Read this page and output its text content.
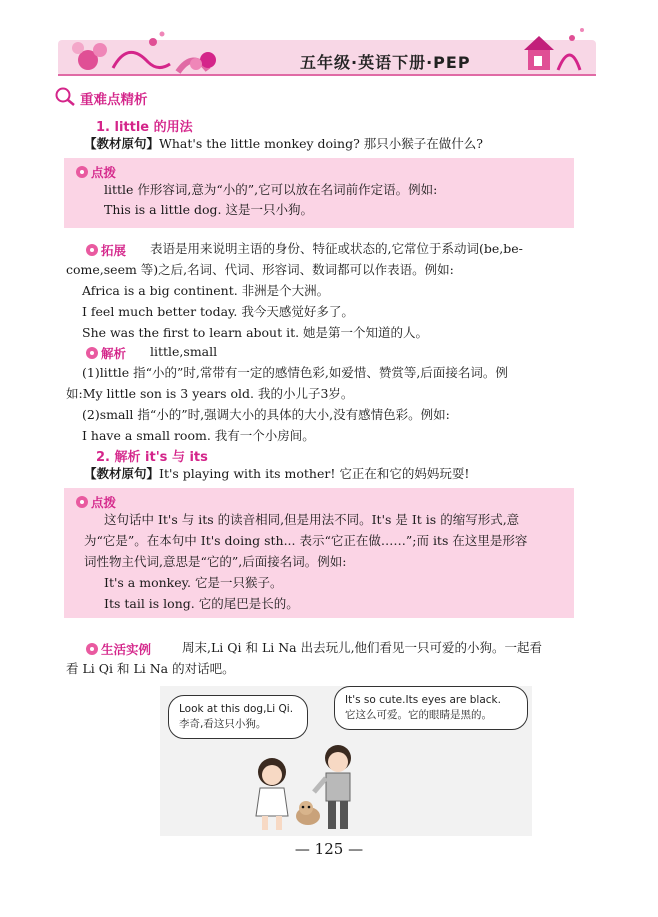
五年级·英语下册·PEP
重难点精析
1. little 的用法
【教材原句】What's the little monkey doing? 那只小猴子在做什么?
点拨
little 作形容词,意为“小的”,它可以放在名词前作定语。例如:
This is a little dog. 这是一只小狗。
拓展 表语是用来说明主语的身份、特征或状态的,它常位于系动词(be,be-
come,seem 等)之后,名词、代词、形容词、数词都可以作表语。例如:
Africa is a big continent. 非洲是个大洲。
I feel much better today. 我今天感觉好多了。
She was the first to learn about it. 她是第一个知道的人。
解析 little,small
(1)little 指“小的”时,常带有一定的感情色彩,如爱惜、赞赏等,后面接名词。例
如:My little son is 3 years old. 我的小儿子3岁。
(2)small 指“小的”时,强调大小的具体的大小,没有感情色彩。例如:
I have a small room. 我有一个小房间。
2. 解析 it's 与 its
【教材原句】It's playing with its mother! 它正在和它的妈妈玩耍!
点拨
这句话中 It's 与 its 的读音相同,但是用法不同。It's 是 It is 的缩写形式,意
为“它是”。在本句中 It's doing sth... 表示“它正在做……”;而 its 在这里是形容
词性物主代词,意思是“它的”,后面接名词。例如:
It's a monkey. 它是一只猴子。
Its tail is long. 它的尾巴是长的。
生活实例 周末,Li Qi 和 Li Na 出去玩儿,他们看见一只可爱的小狗。一起看
看 Li Qi 和 Li Na 的对话吧。
Look at this dog,Li Qi.
李奇,看这只小狗。
It's so cute.Its eyes are black.
它这么可爱。它的眼睛是黑的。
— 125 —
